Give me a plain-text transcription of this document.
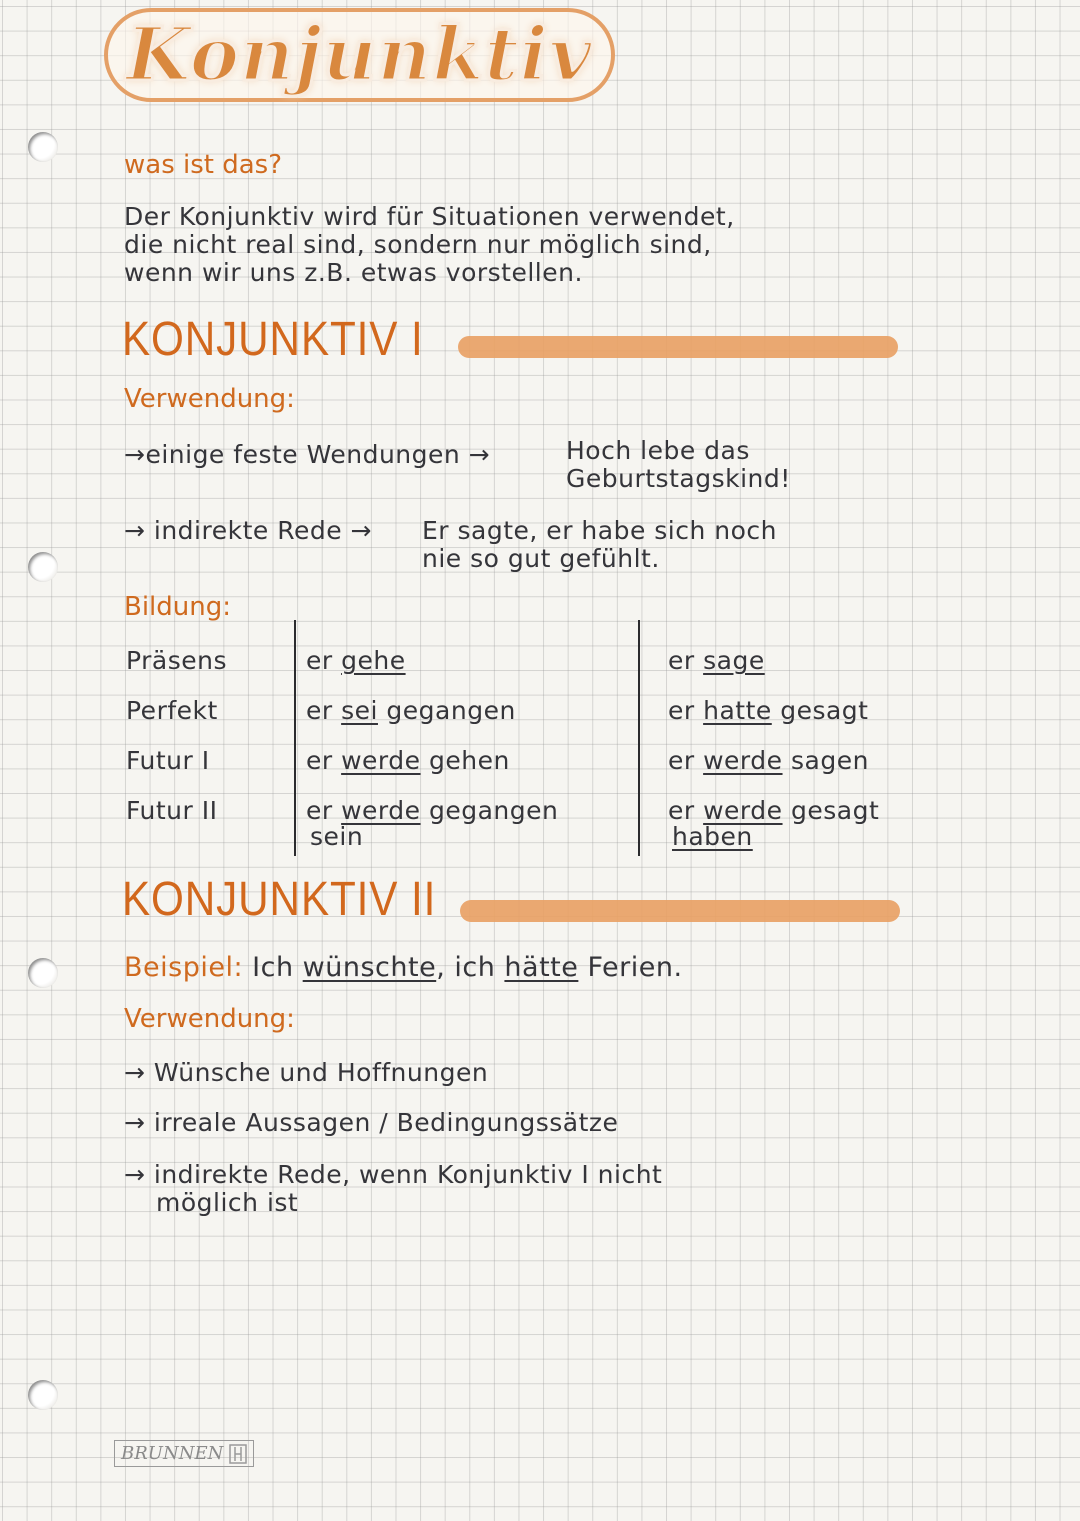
Konjunktiv
was ist das?
Der Konjunktiv wird für Situationen verwendet,
die nicht real sind, sondern nur möglich sind,
wenn wir uns z.B. etwas vorstellen.
KONJUNKTIV I
Verwendung:
→einige feste Wendungen →	Hoch lebe das
Geburtstagskind!
→ indirekte Rede → Er sagte, er habe sich noch
nie so gut gefühlt.
Bildung:
Präsens
Perfekt
Futur I
Futur II
er gehe
er sei gegangen
er werde gehen
er werde gegangen
sein
er sage
er hatte gesagt
er werde sagen
er werde gesagt
haben
KONJUNKTIV II
Beispiel: Ich wünschte, ich hätte Ferien.
Verwendung:
→ Wünsche und Hoffnungen
→ irreale Aussagen / Bedingungssätze
→ indirekte Rede, wenn Konjunktiv I nicht
möglich ist
BRUNNEN
